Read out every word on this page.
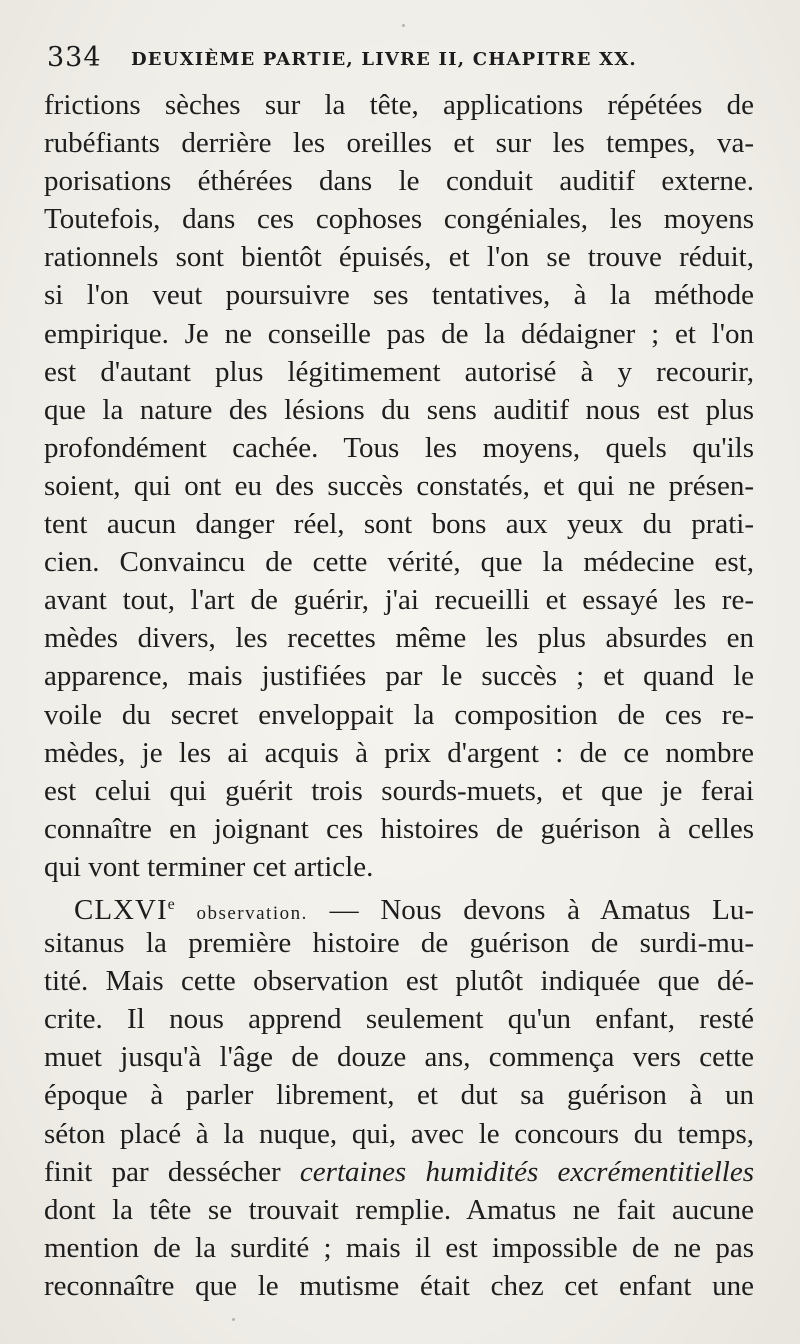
334 DEUXIÈME PARTIE, LIVRE II, CHAPITRE XX.
frictions sèches sur la tête, applications répétées de
rubéfiants derrière les oreilles et sur les tempes, va-
porisations éthérées dans le conduit auditif externe.
Toutefois, dans ces cophoses congéniales, les moyens
rationnels sont bientôt épuisés, et l'on se trouve réduit,
si l'on veut poursuivre ses tentatives, à la méthode
empirique. Je ne conseille pas de la dédaigner ; et l'on
est d'autant plus légitimement autorisé à y recourir,
que la nature des lésions du sens auditif nous est plus
profondément cachée. Tous les moyens, quels qu'ils
soient, qui ont eu des succès constatés, et qui ne présen-
tent aucun danger réel, sont bons aux yeux du prati-
cien. Convaincu de cette vérité, que la médecine est,
avant tout, l'art de guérir, j'ai recueilli et essayé les re-
mèdes divers, les recettes même les plus absurdes en
apparence, mais justifiées par le succès ; et quand le
voile du secret enveloppait la composition de ces re-
mèdes, je les ai acquis à prix d'argent : de ce nombre
est celui qui guérit trois sourds-muets, et que je ferai
connaître en joignant ces histoires de guérison à celles
qui vont terminer cet article.
CLXVIe observation. — Nous devons à Amatus Lu-
sitanus la première histoire de guérison de surdi-mu-
tité. Mais cette observation est plutôt indiquée que dé-
crite. Il nous apprend seulement qu'un enfant, resté
muet jusqu'à l'âge de douze ans, commença vers cette
époque à parler librement, et dut sa guérison à un
séton placé à la nuque, qui, avec le concours du temps,
finit par dessécher certaines humidités excrémentitielles
dont la tête se trouvait remplie. Amatus ne fait aucune
mention de la surdité ; mais il est impossible de ne pas
reconnaître que le mutisme était chez cet enfant une
